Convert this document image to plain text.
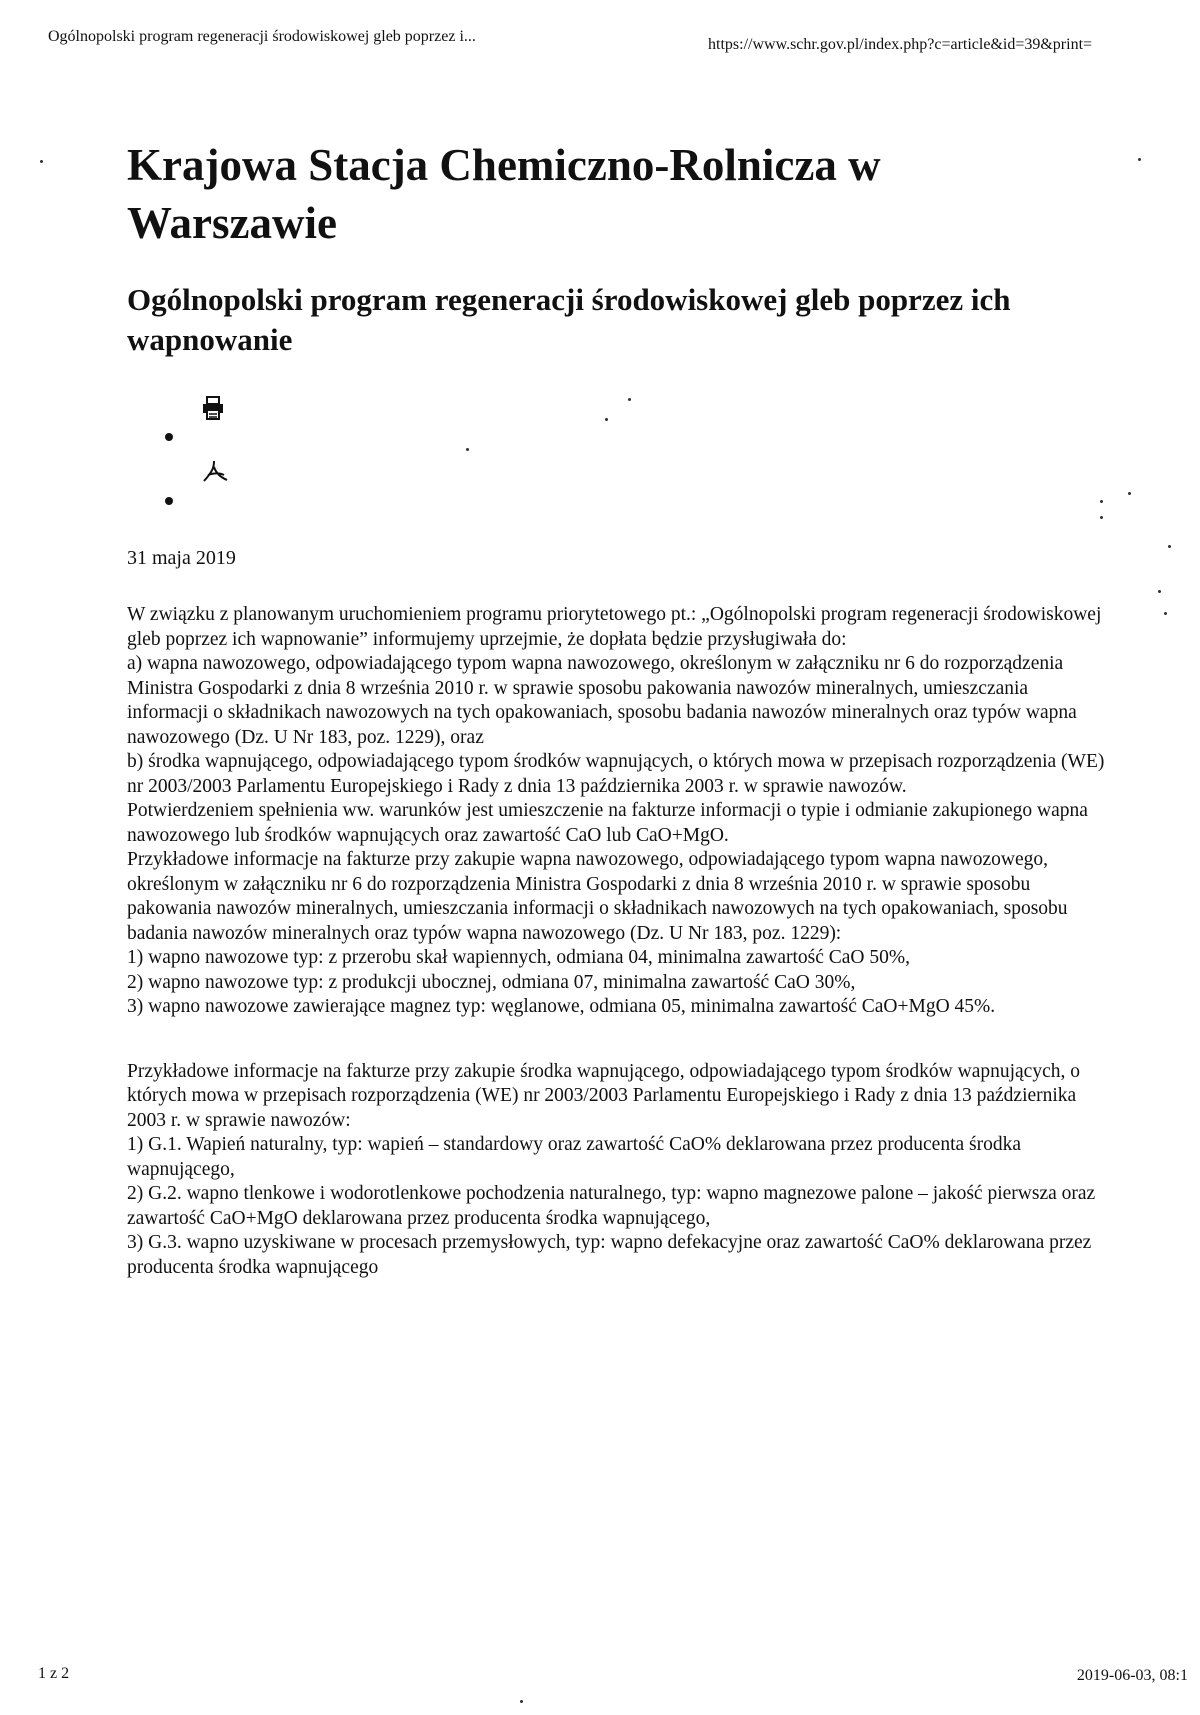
Ogólnopolski program regeneracji środowiskowej gleb poprzez i...	https://www.schr.gov.pl/index.php?c=article&id=39&print=
Krajowa Stacja Chemiczno-Rolnicza w Warszawie
Ogólnopolski program regeneracji środowiskowej gleb poprzez ich wapnowanie
31 maja 2019

W związku z planowanym uruchomieniem programu priorytetowego pt.: „Ogólnopolski program regeneracji środowiskowej gleb poprzez ich wapnowanie” informujemy uprzejmie, że dopłata będzie przysługiwała do:

a) wapna nawozowego, odpowiadającego typom wapna nawozowego, określonym w załączniku nr 6 do rozporządzenia Ministra Gospodarki z dnia 8 września 2010 r. w sprawie sposobu pakowania nawozów mineralnych, umieszczania informacji o składnikach nawozowych na tych opakowaniach, sposobu badania nawozów mineralnych oraz typów wapna nawozowego (Dz. U Nr 183, poz. 1229), oraz

b) środka wapnującego, odpowiadającego typom środków wapnujących, o których mowa w przepisach rozporządzenia (WE) nr 2003/2003 Parlamentu Europejskiego i Rady z dnia 13 października 2003 r. w sprawie nawozów.

Potwierdzeniem spełnienia ww. warunków jest umieszczenie na fakturze informacji o typie i odmianie zakupionego wapna nawozowego lub środków wapnujących oraz zawartość CaO lub CaO+MgO.

Przykładowe informacje na fakturze przy zakupie wapna nawozowego, odpowiadającego typom wapna nawozowego, określonym w załączniku nr 6 do rozporządzenia Ministra Gospodarki z dnia 8 września 2010 r. w sprawie sposobu pakowania nawozów mineralnych, umieszczania informacji o składnikach nawozowych na tych opakowaniach, sposobu badania nawozów mineralnych oraz typów wapna nawozowego (Dz. U Nr 183, poz. 1229):

1) wapno nawozowe typ: z przerobu skał wapiennych, odmiana 04, minimalna zawartość CaO 50%,

2) wapno nawozowe typ: z produkcji ubocznej, odmiana 07, minimalna zawartość CaO 30%,

3) wapno nawozowe zawierające magnez typ: węglanowe, odmiana 05, minimalna zawartość CaO+MgO 45%.

Przykładowe informacje na fakturze przy zakupie środka wapnującego, odpowiadającego typom środków wapnujących, o których mowa w przepisach rozporządzenia (WE) nr 2003/2003 Parlamentu Europejskiego i Rady z dnia 13 października 2003 r. w sprawie nawozów:

1) G.1. Wapień naturalny, typ: wapień – standardowy oraz zawartość CaO% deklarowana przez producenta środka wapnującego,

2) G.2. wapno tlenkowe i wodorotlenkowe pochodzenia naturalnego, typ: wapno magnezowe palone – jakość pierwsza oraz zawartość CaO+MgO deklarowana przez producenta środka wapnującego,

3) G.3. wapno uzyskiwane w procesach przemysłowych, typ: wapno defekacyjne oraz zawartość CaO% deklarowana przez producenta środka wapnującego

1 z 2	2019-06-03, 08:1
